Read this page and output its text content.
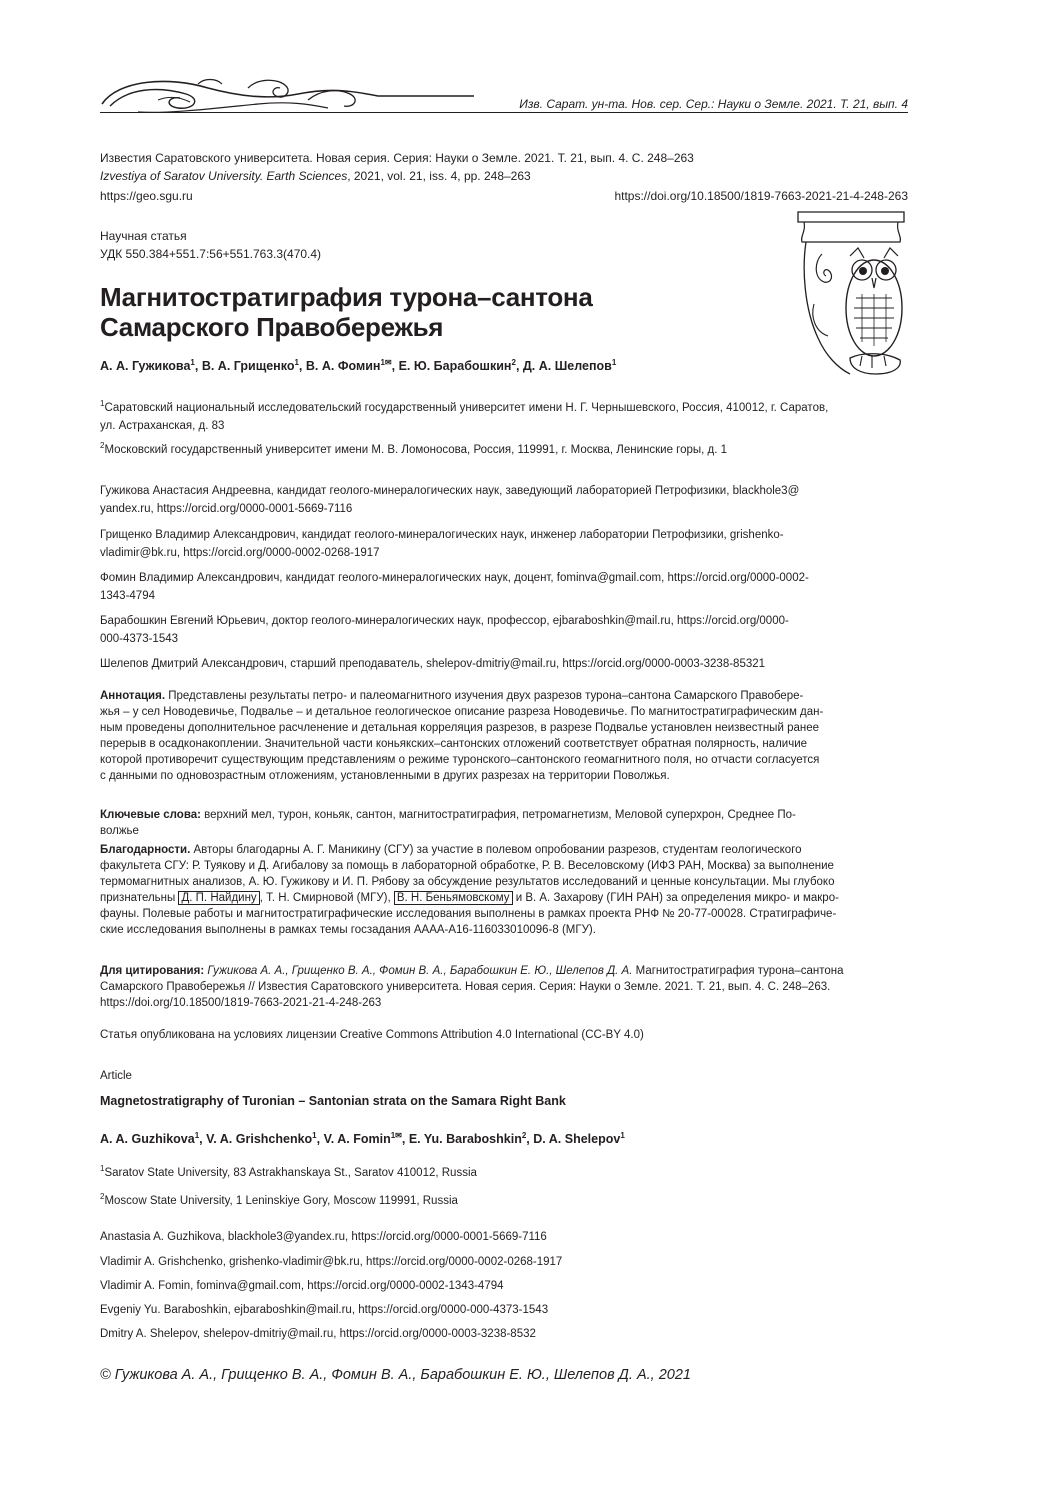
Изв. Сарат. ун-та. Нов. сер. Сер.: Науки о Земле. 2021. Т. 21, вып. 4
Известия Саратовского университета. Новая серия. Серия: Науки о Земле. 2021. Т. 21, вып. 4. С. 248–263
Izvestiya of Saratov University. Earth Sciences, 2021, vol. 21, iss. 4, pp. 248–263
https://geo.sgu.ru	https://doi.org/10.18500/1819-7663-2021-21-4-248-263
Научная статья
УДК 550.384+551.7:56+551.763.3(470.4)
Магнитостратиграфия турона–сантона
Самарского Правобережья
А. А. Гужикова$^1$, В. А. Грищенко$^1$, В. А. Фомин$^{1✉}$, Е. Ю. Барабошкин$^2$, Д. А. Шелепов$^1$
$^1$Саратовский национальный исследовательский государственный университет имени Н. Г. Чернышевского, Россия, 410012, г. Саратов,
ул. Астраханская, д. 83
$^2$Московский государственный университет имени М. В. Ломоносова, Россия, 119991, г. Москва, Ленинские горы, д. 1
Гужикова Анастасия Андреевна, кандидат геолого-минералогических наук, заведующий лабораторией Петрофизики, blackhole3@
yandex.ru, https://orcid.org/0000-0001-5669-7116
Грищенко Владимир Александрович, кандидат геолого-минералогических наук, инженер лаборатории Петрофизики, grishenko-
vladimir@bk.ru, https://orcid.org/0000-0002-0268-1917
Фомин Владимир Александрович, кандидат геолого-минералогических наук, доцент, fominva@gmail.com, https://orcid.org/0000-0002-
1343-4794
Барабошкин Евгений Юрьевич, доктор геолого-минералогических наук, профессор, ejbaraboshkin@mail.ru, https://orcid.org/0000-
000-4373-1543
Шелепов Дмитрий Александрович, старший преподаватель, shelepov-dmitriy@mail.ru, https://orcid.org/0000-0003-3238-85321
Аннотация. Представлены результаты петро- и палеомагнитного изучения двух разрезов турона–сантона Самарского Правобере-
жья – у сел Новодевичье, Подвалье – и детальное геологическое описание разреза Новодевичье. По магнитостратиграфическим дан-
ным проведены дополнительное расчленение и детальная корреляция разрезов, в разрезе Подвалье установлен неизвестный ранее
перерыв в осадконакоплении. Значительной части коньякских–сантонских отложений соответствует обратная полярность, наличие
которой противоречит существующим представлениям о режиме туронского–сантонского геомагнитного поля, но отчасти согласуется
с данными по одновозрастным отложениям, установленными в других разрезах на территории Поволжья.
Ключевые слова: верхний мел, турон, коньяк, сантон, магнитостратиграфия, петромагнетизм, Меловой суперхрон, Среднее По-
волжье
Благодарности. Авторы благодарны А. Г. Маникину (СГУ) за участие в полевом опробовании разрезов, студентам геологического
факультета СГУ: Р. Туякову и Д. Агибалову за помощь в лабораторной обработке, Р. В. Веселовскому (ИФЗ РАН, Москва) за выполнение
термомагнитных анализов, А. Ю. Гужикову и И. П. Рябову за обсуждение результатов исследований и ценные консультации. Мы глубоко
признательны Д. П. Найдину , Т. Н. Смирновой (МГУ), В. Н. Беньямовскому и В. А. Захарову (ГИН РАН) за определения микро- и макро-
фауны. Полевые работы и магнитостратиграфические исследования выполнены в рамках проекта РНФ № 20-77-00028. Стратиграфиче-
ские исследования выполнены в рамках темы госзадания АААА-А16-116033010096-8 (МГУ).
Для цитирования: Гужикова А. А., Грищенко В. А., Фомин В. А., Барабошкин Е. Ю., Шелепов Д. А. Магнитостратиграфия турона–сантона
Самарского Правобережья // Известия Саратовского университета. Новая серия. Серия: Науки о Земле. 2021. Т. 21, вып. 4. С. 248–263.
https://doi.org/10.18500/1819-7663-2021-21-4-248-263
Статья опубликована на условиях лицензии Creative Commons Attribution 4.0 International (CC-BY 4.0)
Article
Magnetostratigraphy of Turonian – Santonian strata on the Samara Right Bank
A. A. Guzhikova$^1$, V. A. Grishchenko$^1$, V. A. Fomin$^{1✉}$, E. Yu. Baraboshkin$^2$, D. A. Shelepov$^1$
$^1$Saratov State University, 83 Astrakhanskaya St., Saratov 410012, Russia
$^2$Moscow State University, 1 Leninskiye Gory, Moscow 119991, Russia
Anastasia A. Guzhikova, blackhole3@yandex.ru, https://orcid.org/0000-0001-5669-7116
Vladimir A. Grishchenko, grishenko-vladimir@bk.ru, https://orcid.org/0000-0002-0268-1917
Vladimir A. Fomin, fominva@gmail.com, https://orcid.org/0000-0002-1343-4794
Evgeniy Yu. Baraboshkin, ejbaraboshkin@mail.ru, https://orcid.org/0000-000-4373-1543
Dmitry A. Shelepov, shelepov-dmitriy@mail.ru, https://orcid.org/0000-0003-3238-8532
© Гужикова А. А., Грищенко В. А., Фомин В. А., Барабошкин Е. Ю., Шелепов Д. А., 2021
